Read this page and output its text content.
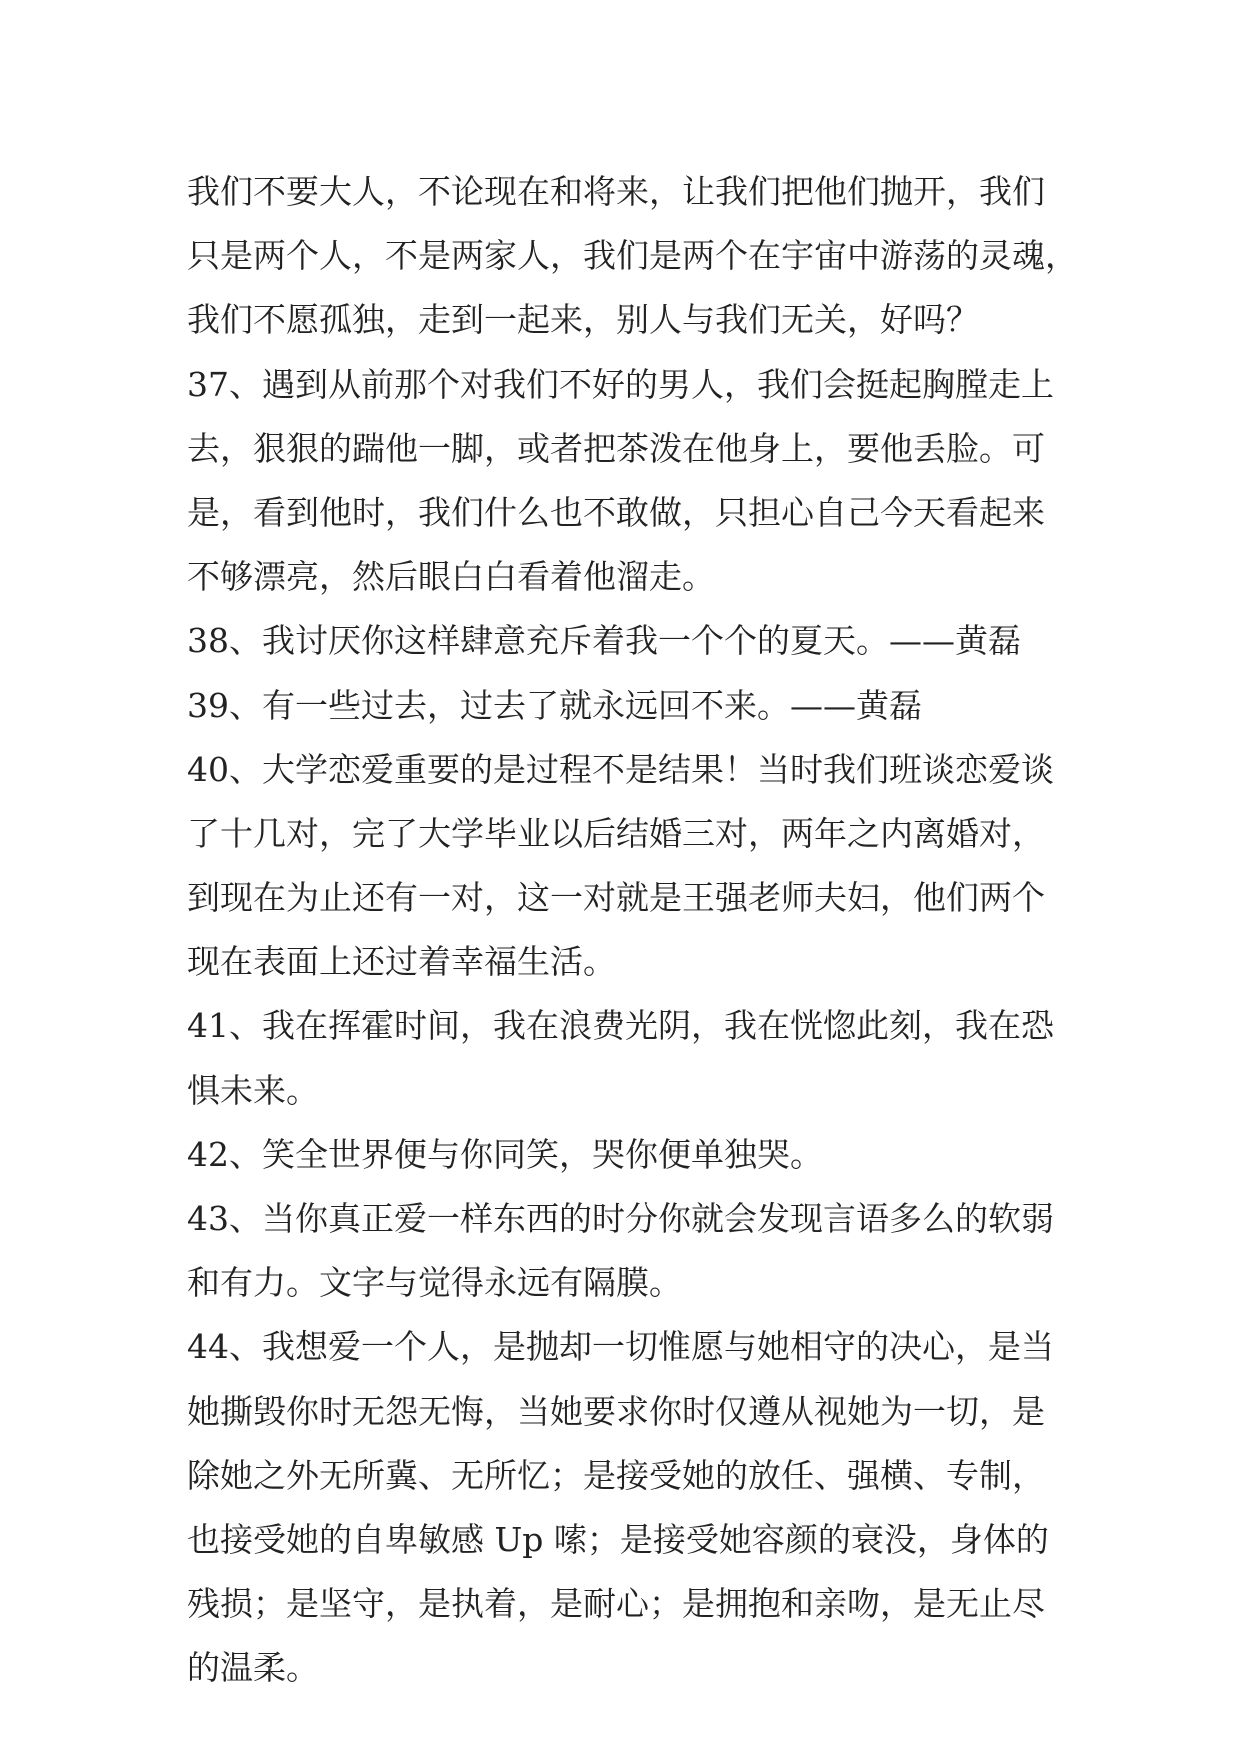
我们不要大人，不论现在和将来，让我们把他们抛开，我们
只是两个人，不是两家人，我们是两个在宇宙中游荡的灵魂，
我们不愿孤独，走到一起来，别人与我们无关，好吗？
37、遇到从前那个对我们不好的男人，我们会挺起胸膛走上
去，狠狠的踹他一脚，或者把茶泼在他身上，要他丢脸。可
是，看到他时，我们什么也不敢做，只担心自己今天看起来
不够漂亮，然后眼白白看着他溜走。
38、我讨厌你这样肆意充斥着我一个个的夏天。——黄磊
39、有一些过去，过去了就永远回不来。——黄磊
40、大学恋爱重要的是过程不是结果！当时我们班谈恋爱谈
了十几对，完了大学毕业以后结婚三对，两年之内离婚对，
到现在为止还有一对，这一对就是王强老师夫妇，他们两个
现在表面上还过着幸福生活。
41、我在挥霍时间，我在浪费光阴，我在恍惚此刻，我在恐
惧未来。
42、笑全世界便与你同笑，哭你便单独哭。
43、当你真正爱一样东西的时分你就会发现言语多么的软弱
和有力。文字与觉得永远有隔膜。
44、我想爱一个人，是抛却一切惟愿与她相守的决心，是当
她撕毁你时无怨无悔，当她要求你时仅遵从视她为一切，是
除她之外无所冀、无所忆；是接受她的放任、强横、专制，
也接受她的自卑敏感 Up 嗦；是接受她容颜的衰没，身体的
残损；是坚守，是执着，是耐心；是拥抱和亲吻，是无止尽
的温柔。
